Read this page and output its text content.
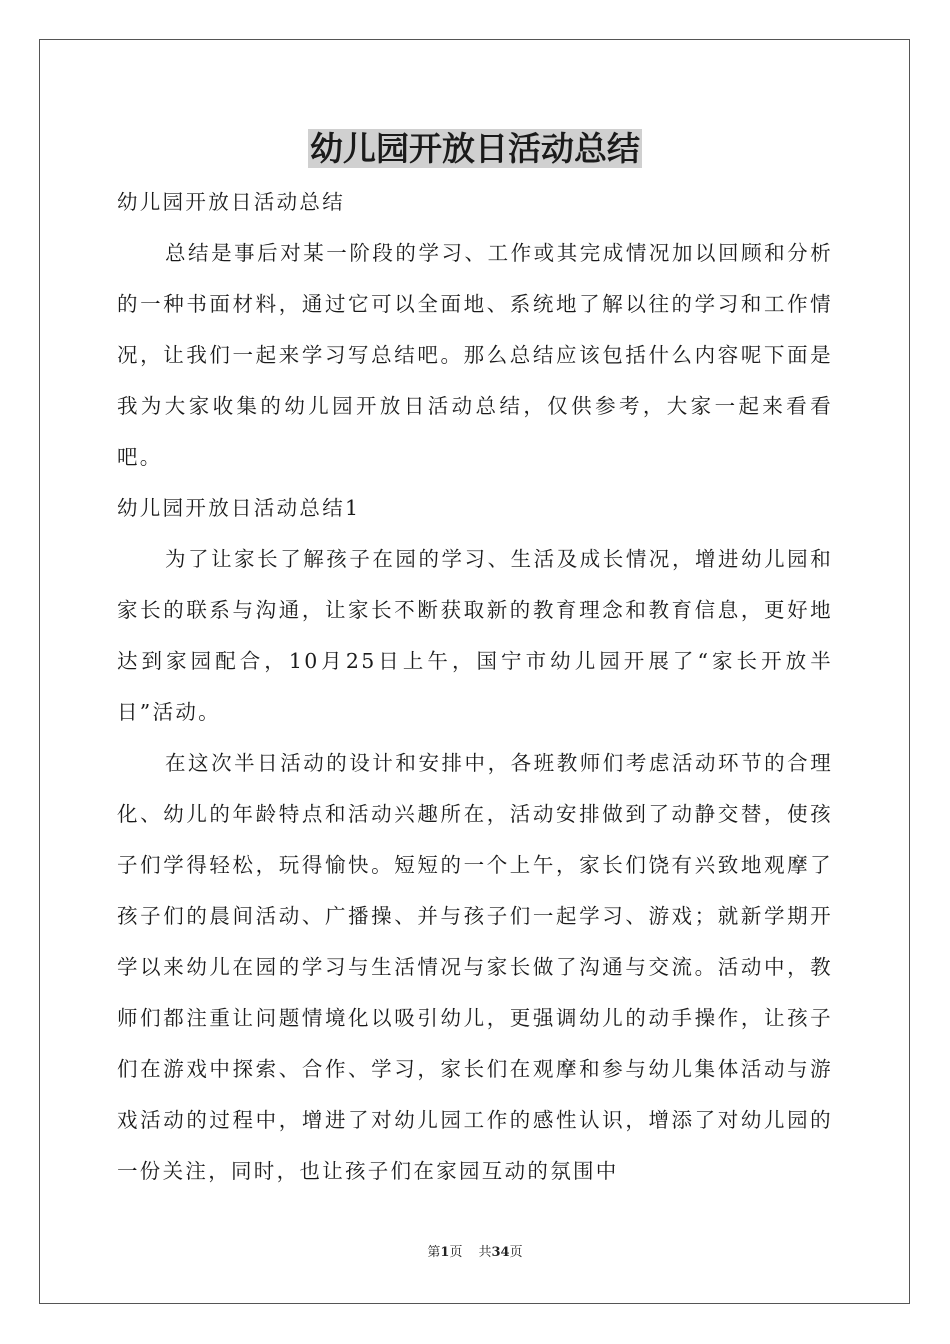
幼儿园开放日活动总结

幼儿园开放日活动总结

总结是事后对某一阶段的学习、工作或其完成情况加以回顾和分析的一种书面材料，通过它可以全面地、系统地了解以往的学习和工作情况，让我们一起来学习写总结吧。那么总结应该包括什么内容呢下面是我为大家收集的幼儿园开放日活动总结，仅供参考，大家一起来看看吧。

幼儿园开放日活动总结1

为了让家长了解孩子在园的学习、生活及成长情况，增进幼儿园和家长的联系与沟通，让家长不断获取新的教育理念和教育信息，更好地达到家园配合，10月25日上午，国宁市幼儿园开展了“家长开放半日”活动。

在这次半日活动的设计和安排中，各班教师们考虑活动环节的合理化、幼儿的年龄特点和活动兴趣所在，活动安排做到了动静交替，使孩子们学得轻松，玩得愉快。短短的一个上午，家长们饶有兴致地观摩了孩子们的晨间活动、广播操、并与孩子们一起学习、游戏；就新学期开学以来幼儿在园的学习与生活情况与家长做了沟通与交流。活动中，教师们都注重让问题情境化以吸引幼儿，更强调幼儿的动手操作，让孩子们在游戏中探索、合作、学习，家长们在观摩和参与幼儿集体活动与游戏活动的过程中，增进了对幼儿园工作的感性认识，增添了对幼儿园的一份关注，同时，也让孩子们在家园互动的氛围中

第1页 共34页
